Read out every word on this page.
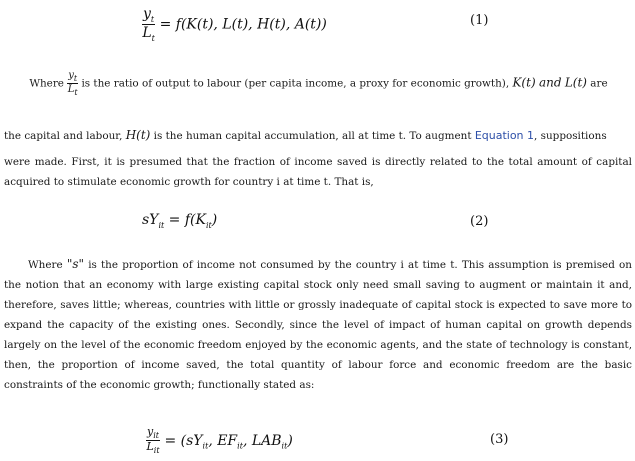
$\frac{y_t}{L_t} = f(K(t)$, L(t), H(t), A(t))	(1)
Where $\frac{y_t}{L_t}$ is the ratio of output to labour (per capita income, a proxy for economic growth), K(t) and L(t) are
the capital and labour, H(t) is the human capital accumulation, all at time t. To augment Equation 1, suppositions
were made. First, it is presumed that the fraction of income saved is directly related to the total amount of capital acquired to stimulate economic growth for country i at time t. That is,
$sY_{it} = f(K_{it})$	(2)
Where "s" is the proportion of income not consumed by the country i at time t. This assumption is premised on the notion that an economy with large existing capital stock only need small saving to augment or maintain it and, therefore, saves little; whereas, countries with little or grossly inadequate of capital stock is expected to save more to expand the capacity of the existing ones. Secondly, since the level of impact of human capital on growth depends largely on the level of the economic freedom enjoyed by the economic agents, and the state of technology is constant, then, the proportion of income saved, the total quantity of labour force and economic freedom are the basic constraints of the economic growth; functionally stated as:
$\frac{y_{it}}{L_{it}} = (sY_{it}$, $EF_{it}$, $LAB_{it}$)	(3)
